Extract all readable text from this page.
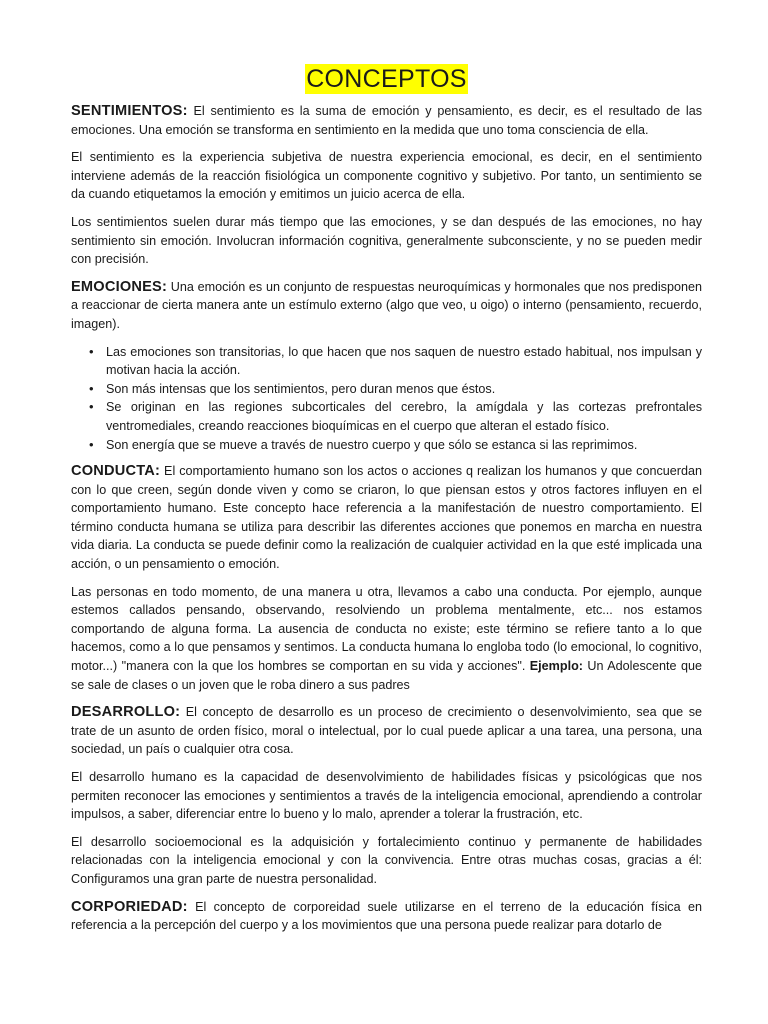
CONCEPTOS

SENTIMIENTOS: El sentimiento es la suma de emoción y pensamiento, es decir, es el resultado de las emociones. Una emoción se transforma en sentimiento en la medida que uno toma consciencia de ella.

El sentimiento es la experiencia subjetiva de nuestra experiencia emocional, es decir, en el sentimiento interviene además de la reacción fisiológica un componente cognitivo y subjetivo. Por tanto, un sentimiento se da cuando etiquetamos la emoción y emitimos un juicio acerca de ella.

Los sentimientos suelen durar más tiempo que las emociones, y se dan después de las emociones, no hay sentimiento sin emoción. Involucran información cognitiva, generalmente subconsciente, y no se pueden medir con precisión.

EMOCIONES: Una emoción es un conjunto de respuestas neuroquímicas y hormonales que nos predisponen a reaccionar de cierta manera ante un estímulo externo (algo que veo, u oigo) o interno (pensamiento, recuerdo, imagen).

• Las emociones son transitorias, lo que hacen que nos saquen de nuestro estado habitual, nos impulsan y motivan hacia la acción.
• Son más intensas que los sentimientos, pero duran menos que éstos.
• Se originan en las regiones subcorticales del cerebro, la amígdala y las cortezas prefrontales ventromediales, creando reacciones bioquímicas en el cuerpo que alteran el estado físico.
• Son energía que se mueve a través de nuestro cuerpo y que sólo se estanca si las reprimimos.

CONDUCTA: El comportamiento humano son los actos o acciones q realizan los humanos y que concuerdan con lo que creen, según donde viven y como se criaron, lo que piensan estos y otros factores influyen en el comportamiento humano. Este concepto hace referencia a la manifestación de nuestro comportamiento. El término conducta humana se utiliza para describir las diferentes acciones que ponemos en marcha en nuestra vida diaria. La conducta se puede definir como la realización de cualquier actividad en la que esté implicada una acción, o un pensamiento o emoción.

Las personas en todo momento, de una manera u otra, llevamos a cabo una conducta. Por ejemplo, aunque estemos callados pensando, observando, resolviendo un problema mentalmente, etc... nos estamos comportando de alguna forma. La ausencia de conducta no existe; este término se refiere tanto a lo que hacemos, como a lo que pensamos y sentimos. La conducta humana lo engloba todo (lo emocional, lo cognitivo, motor...) "manera con la que los hombres se comportan en su vida y acciones". Ejemplo: Un Adolescente que se sale de clases o un joven que le roba dinero a sus padres

DESARROLLO: El concepto de desarrollo es un proceso de crecimiento o desenvolvimiento, sea que se trate de un asunto de orden físico, moral o intelectual, por lo cual puede aplicar a una tarea, una persona, una sociedad, un país o cualquier otra cosa.

El desarrollo humano es la capacidad de desenvolvimiento de habilidades físicas y psicológicas que nos permiten reconocer las emociones y sentimientos a través de la inteligencia emocional, aprendiendo a controlar impulsos, a saber, diferenciar entre lo bueno y lo malo, aprender a tolerar la frustración, etc.

El desarrollo socioemocional es la adquisición y fortalecimiento continuo y permanente de habilidades relacionadas con la inteligencia emocional y con la convivencia. Entre otras muchas cosas, gracias a él: Configuramos una gran parte de nuestra personalidad.

CORPORIEDAD: El concepto de corporeidad suele utilizarse en el terreno de la educación física en referencia a la percepción del cuerpo y a los movimientos que una persona puede realizar para dotarlo de
